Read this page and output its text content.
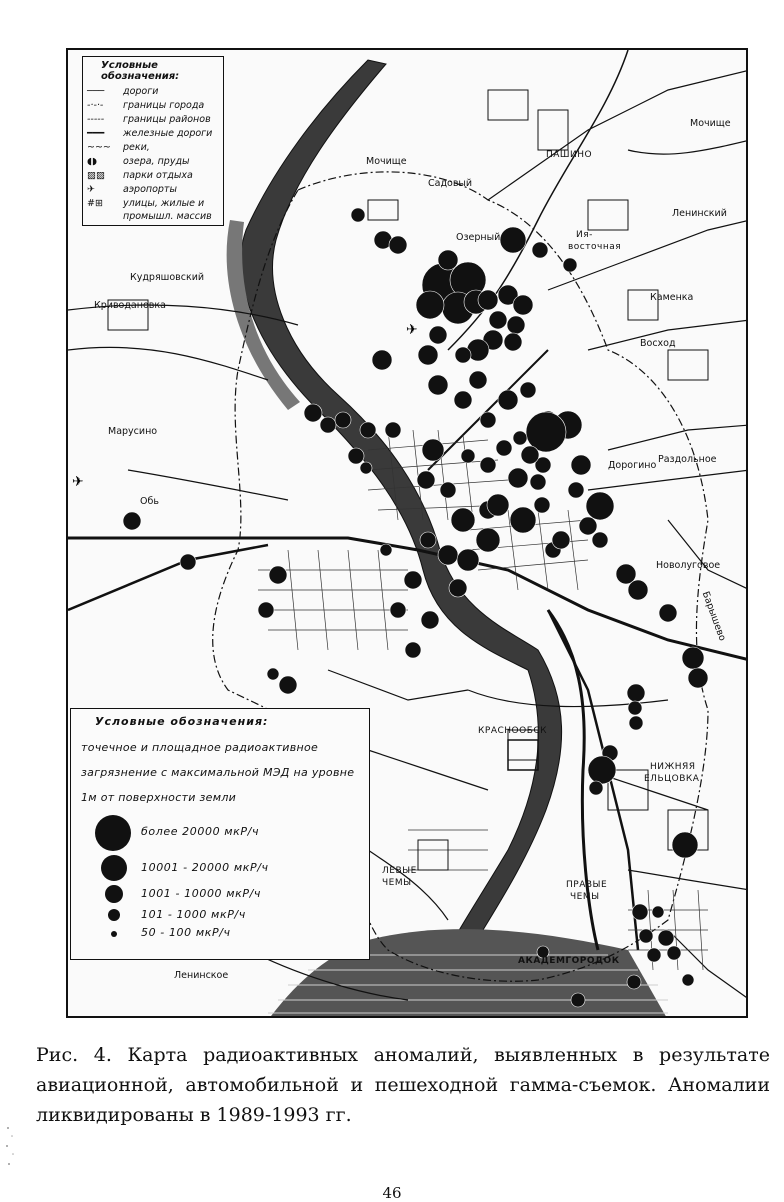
✈
✈
Условные обозначения:
─── дороги
-·-·- границы города
----- границы районов
━━━ железные дороги
~~~ реки,
◖◗	озера, пруды
▨▨ парки отдыха
✈	аэропорты
#⊞ улицы, жилые и
промышл. массив
ПАШИНО
Мочище
Мочище
Садовый
Озерный	Ия-
восточная
Ленинский
Каменка
Восход
Кудряшовский
Криводановка
Марусино
Обь
Раздольное
Дорогино
Новолуговое
Барышево
КРАСНООБСК
НИЖНЯЯ
ЕЛЬЦОВКА
ЛЕВЫЕ
ЧЕМЫ	ПРАВЫЕ
ЧЕМЫ
АКАДЕМГОРОДОК
Ленинское
Условные обозначения:
точечное и площадное радиоактивное загрязнение с максимальной МЭД на уровне 1м от поверхности земли
более 20000 мкР/ч
10001 - 20000 мкР/ч
1001 - 10000 мкР/ч
101 - 1000 мкР/ч
50 - 100 мкР/ч
Рис. 4. Карта радиоактивных аномалий, выявленных в результате авиационной, автомобильной и пешеходной гамма-съемок. Аномалии ликвидированы в 1989-1993 гг.
46
